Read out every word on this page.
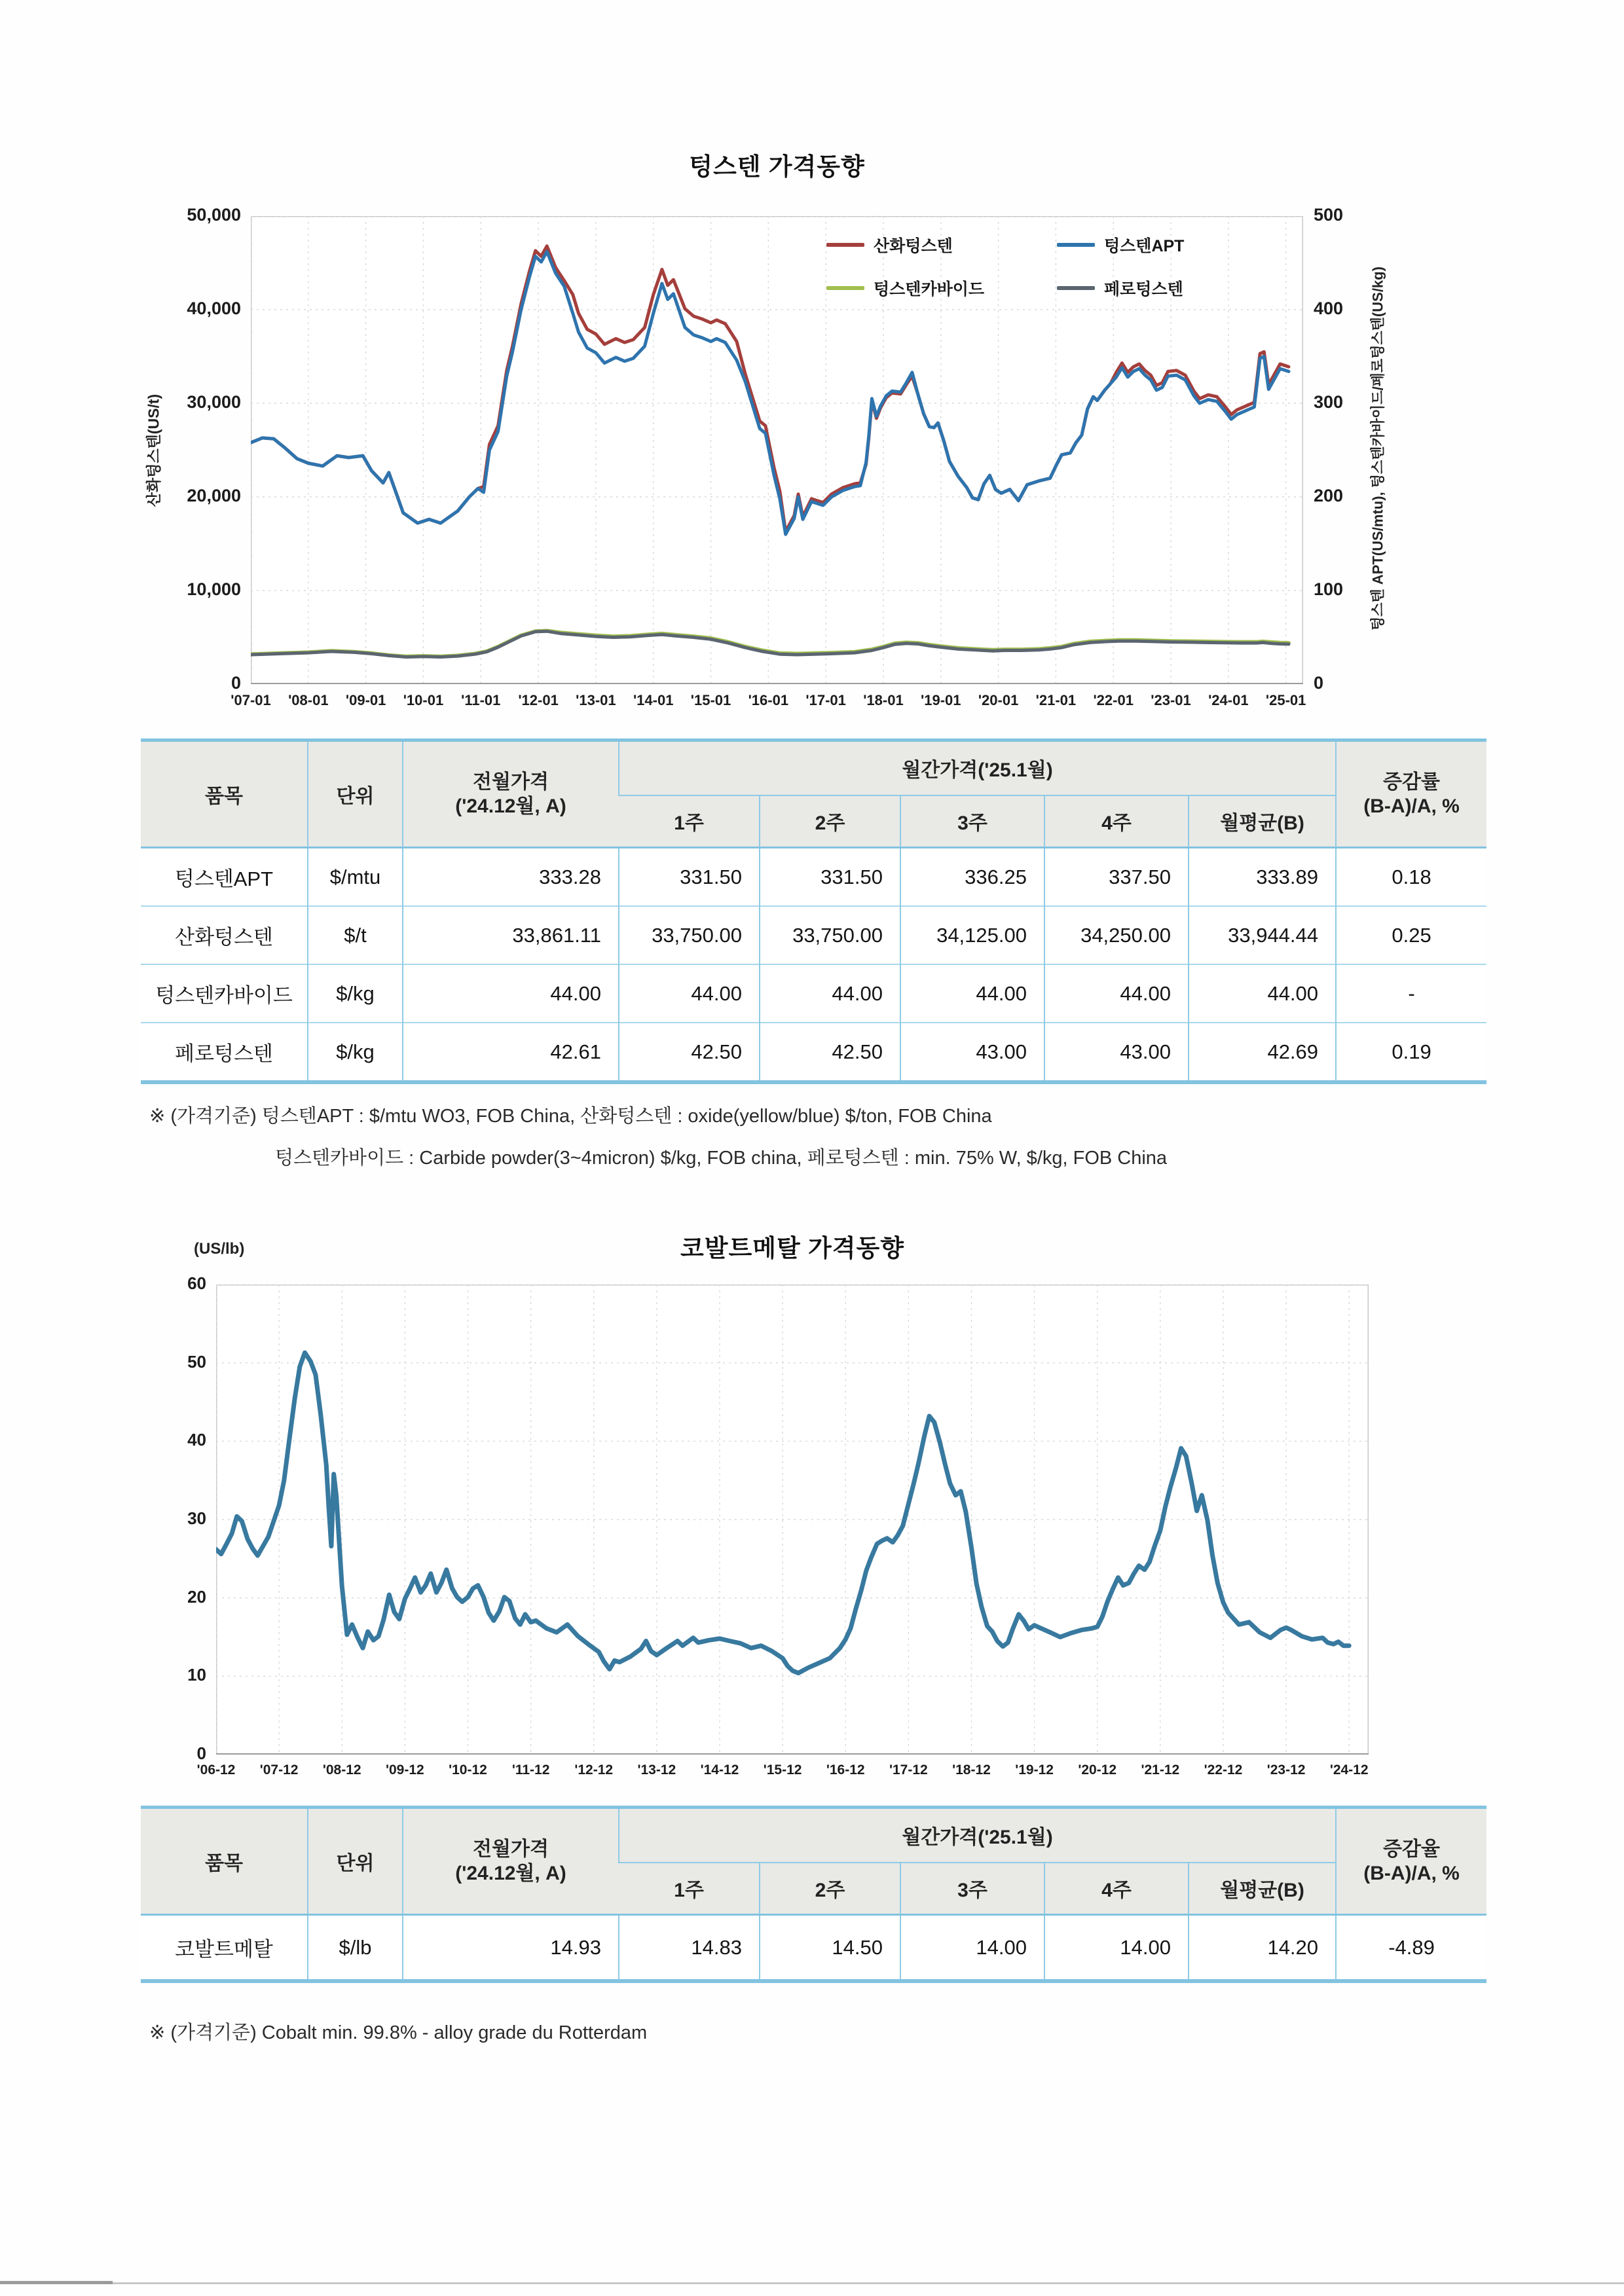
텅스텐 가격동향
산화텅스텐(US/t)	텅스텐 APT(US/mtu), 텅스텐카바이드/페로텅스텐(US/kg)
산화텅스텐	텅스텐APT
텅스텐카바이드	페로텅스텐
품목	단위	전월가격
('24.12월, A)	월간가격('25.1월)					증감률
(B-A)/A, %

			1주	2주	3주	4주	월평균(B)	
텅스텐APT	$/mtu	333.28	331.50	331.50	336.25	337.50	333.89	0.18
산화텅스텐	$/t	33,861.11	33,750.00	33,750.00	34,125.00	34,250.00	33,944.44	0.25
텅스텐카바이드	$/kg	44.00	44.00	44.00	44.00	44.00	44.00	-
페로텅스텐	$/kg	42.61	42.50	42.50	43.00	43.00	42.69	0.19
※ (가격기준) 텅스텐APT : $/mtu WO3, FOB China, 산화텅스텐 : oxide(yellow/blue) $/ton, FOB China
텅스텐카바이드 : Carbide powder(3~4micron) $/kg, FOB china, 페로텅스텐 : min. 75% W, $/kg, FOB China
코발트메탈 가격동향
(US/lb)
품목	단위	전월가격
('24.12월, A)	월간가격('25.1월)					증감율
(B-A)/A, %

			1주	2주	3주	4주	월평균(B)	
코발트메탈	$/lb	14.93	14.83	14.50	14.00	14.00	14.20	-4.89
※ (가격기준) Cobalt min. 99.8% - alloy grade du Rotterdam
0
10,000
20,000
30,000
40,000
50,000
0
100
200
300
400
500
'07-01	'08-01	'09-01	'10-01	'11-01	'12-01	'13-01	'14-01	'15-01	'16-01	'17-01	'18-01	'19-01	'20-01	'21-01	'22-01	'23-01	'24-01	'25-01
0
10
20
30
40
50
60
'06-12	'07-12	'08-12	'09-12	'10-12	'11-12	'12-12	'13-12	'14-12	'15-12	'16-12	'17-12	'18-12	'19-12	'20-12	'21-12	'22-12	'23-12	'24-12
